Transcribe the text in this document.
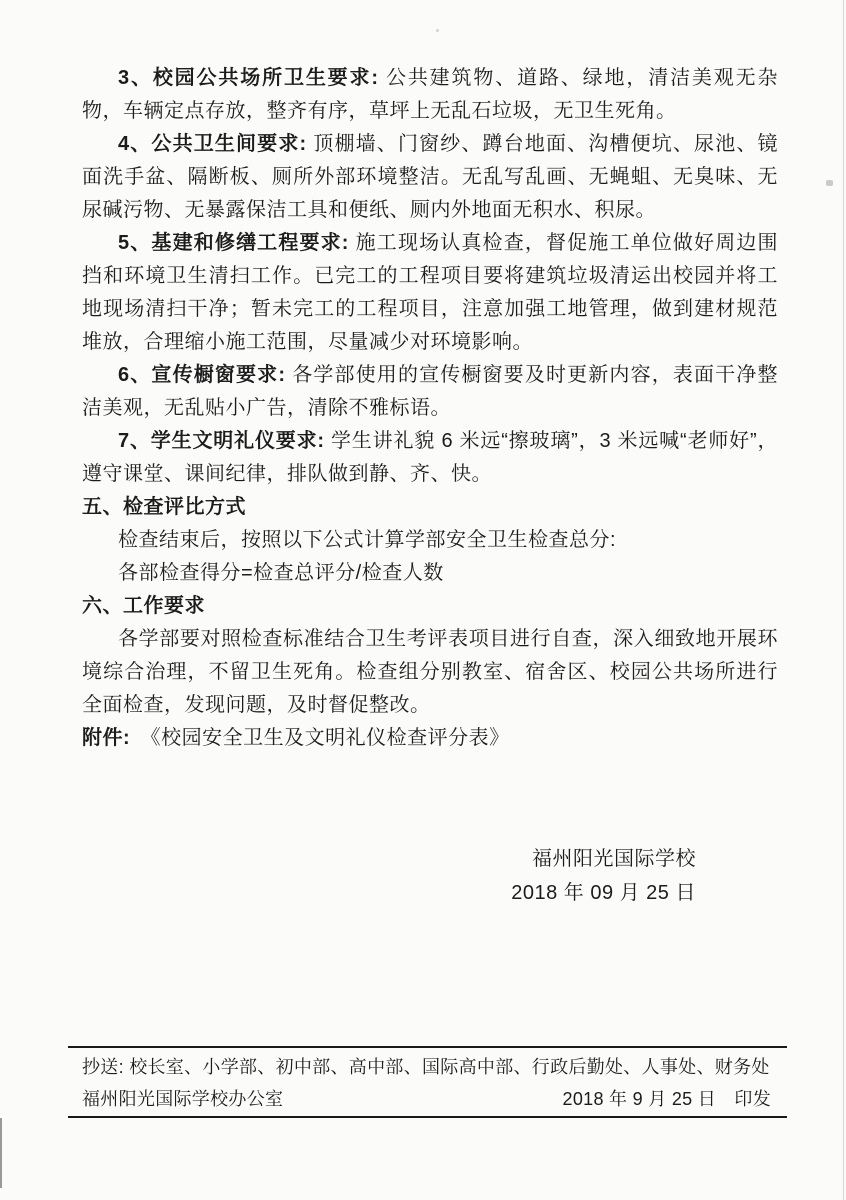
3、校园公共场所卫生要求: 公共建筑物、道路、绿地，清洁美观无杂物，车辆定点存放，整齐有序，草坪上无乱石垃圾，无卫生死角。

4、公共卫生间要求: 顶棚墙、门窗纱、蹲台地面、沟槽便坑、尿池、镜面洗手盆、隔断板、厕所外部环境整洁。无乱写乱画、无蝇蛆、无臭味、无尿碱污物、无暴露保洁工具和便纸、厕内外地面无积水、积尿。

5、基建和修缮工程要求: 施工现场认真检查，督促施工单位做好周边围挡和环境卫生清扫工作。已完工的工程项目要将建筑垃圾清运出校园并将工地现场清扫干净；暂未完工的工程项目，注意加强工地管理，做到建材规范堆放，合理缩小施工范围，尽量减少对环境影响。

6、宣传橱窗要求: 各学部使用的宣传橱窗要及时更新内容，表面干净整洁美观，无乱贴小广告，清除不雅标语。

7、学生文明礼仪要求: 学生讲礼貌 6 米远“擦玻璃”，3 米远喊“老师好”，遵守课堂、课间纪律，排队做到静、齐、快。

五、检查评比方式

检查结束后，按照以下公式计算学部安全卫生检查总分:

各部检查得分=检查总评分/检查人数

六、工作要求

各学部要对照检查标准结合卫生考评表项目进行自查，深入细致地开展环境综合治理，不留卫生死角。检查组分别教室、宿舍区、校园公共场所进行全面检查，发现问题，及时督促整改。

附件:　《校园安全卫生及文明礼仪检查评分表》

福州阳光国际学校
2018 年 09 月 25 日
抄送: 校长室、小学部、初中部、高中部、国际高中部、行政后勤处、人事处、财务处
福州阳光国际学校办公室	2018 年 9 月 25 日　印发
